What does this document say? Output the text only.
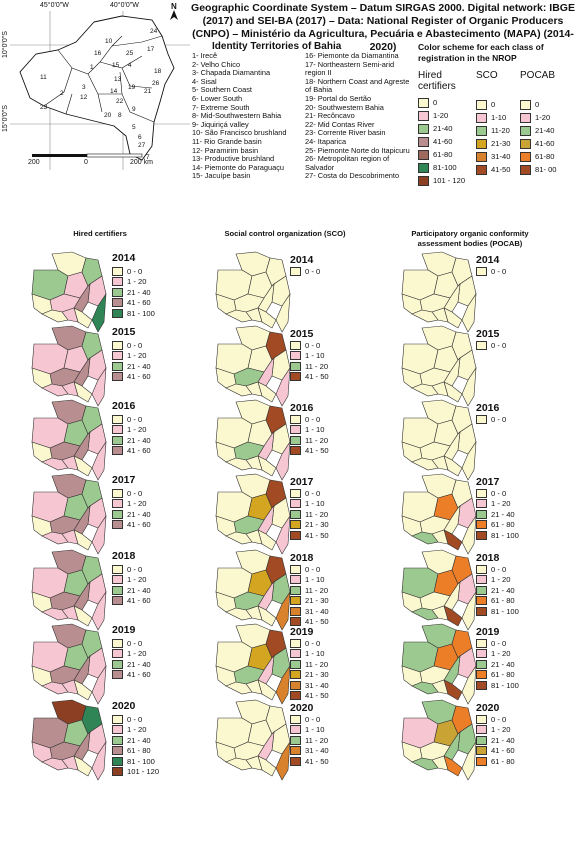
Geographic Coordinate System – Datum SIRGAS 2000. Digital network: IBGE (2017) and SEI-BA (2017) – Data: National Register of Organic Producers (CNPO) – Ministério da Agricultura, Pecuária e Abastecimento (MAPA) (2014-2020)
45°0'0"W	40°0'0"W
10°0'0"S
15°0'0"S
N
200	0	200 km
1
2
3
4
5
6
7
8
9
10
11
12
13
14
15
16
17
18
19
20
21
22
23
24
25
26
27
Identity Territories of Bahia
1- Irecê
2- Velho Chico
3- Chapada Diamantina
4- Sisal
5- Southern Coast
6- Lower South
7- Extreme South
8- Mid-Southwestern Bahia
9- Jiquiriçá valley
10- São Francisco brushland
11- Rio Grande basin
12- Paramirim basin
13- Productive brushland
14- Piemonte do Paraguaçu
15- Jacuípe basin
16- Piemonte da Diamantina
17- Northeastern Semi-arid region II
18- Northern Coast and Agreste of Bahia
19- Portal do Sertão
20- Southwestern Bahia
21- Recôncavo
22- Mid Contas River
23- Corrente River basin
24- Itaparica
25- Piemonte Norte do Itapicuru
26- Metropolitan region of Salvador
27- Costa do Descobrimento
Color scheme for each class of registration in the NROP
Hired certifiers
0
1-20
21-40
41-60
61-80
81-100
101 - 120
SCO
0
1-10
11-20
21-30
31-40
41-50
POCAB
0
1-20
21-40
41-60
61-80
81- 00
Hired certifiers	Social control organization (SCO)	Participatory organic conformity assessment bodies (POCAB)
2014
0 - 0
1 - 20
21 - 40
41 - 60
81 - 100
2014
0 - 0
2014
0 - 0
2015
0 - 0
1 - 20
21 - 40
41 - 60
2015
0 - 0
1 - 10
11 - 20
41 - 50
2015
0 - 0
2016
0 - 0
1 - 20
21 - 40
41 - 60
2016
0 - 0
1 - 10
11 - 20
41 - 50
2016
0 - 0
2017
0 - 0
1 - 20
21 - 40
41 - 60
2017
0 - 0
1 - 10
11 - 20
21 - 30
41 - 50
2017
0 - 0
1 - 20
21 - 40
61 - 80
81 - 100
2018
0 - 0
1 - 20
21 - 40
41 - 60
2018
0 - 0
1 - 10
11 - 20
21 - 30
31 - 40
41 - 50
2018
0 - 0
1 - 20
21 - 40
61 - 80
81 - 100
2019
0 - 0
1 - 20
21 - 40
41 - 60
2019
0 - 0
1 - 10
11 - 20
21 - 30
31 - 40
41 - 50
2019
0 - 0
1 - 20
21 - 40
61 - 80
81 - 100
2020
0 - 0
1 - 20
21 - 40
61 - 80
81 - 100
101 - 120
2020
0 - 0
1 - 10
11 - 20
31 - 40
41 - 50
2020
0 - 0
1 - 20
21 - 40
41 - 60
61 - 80
